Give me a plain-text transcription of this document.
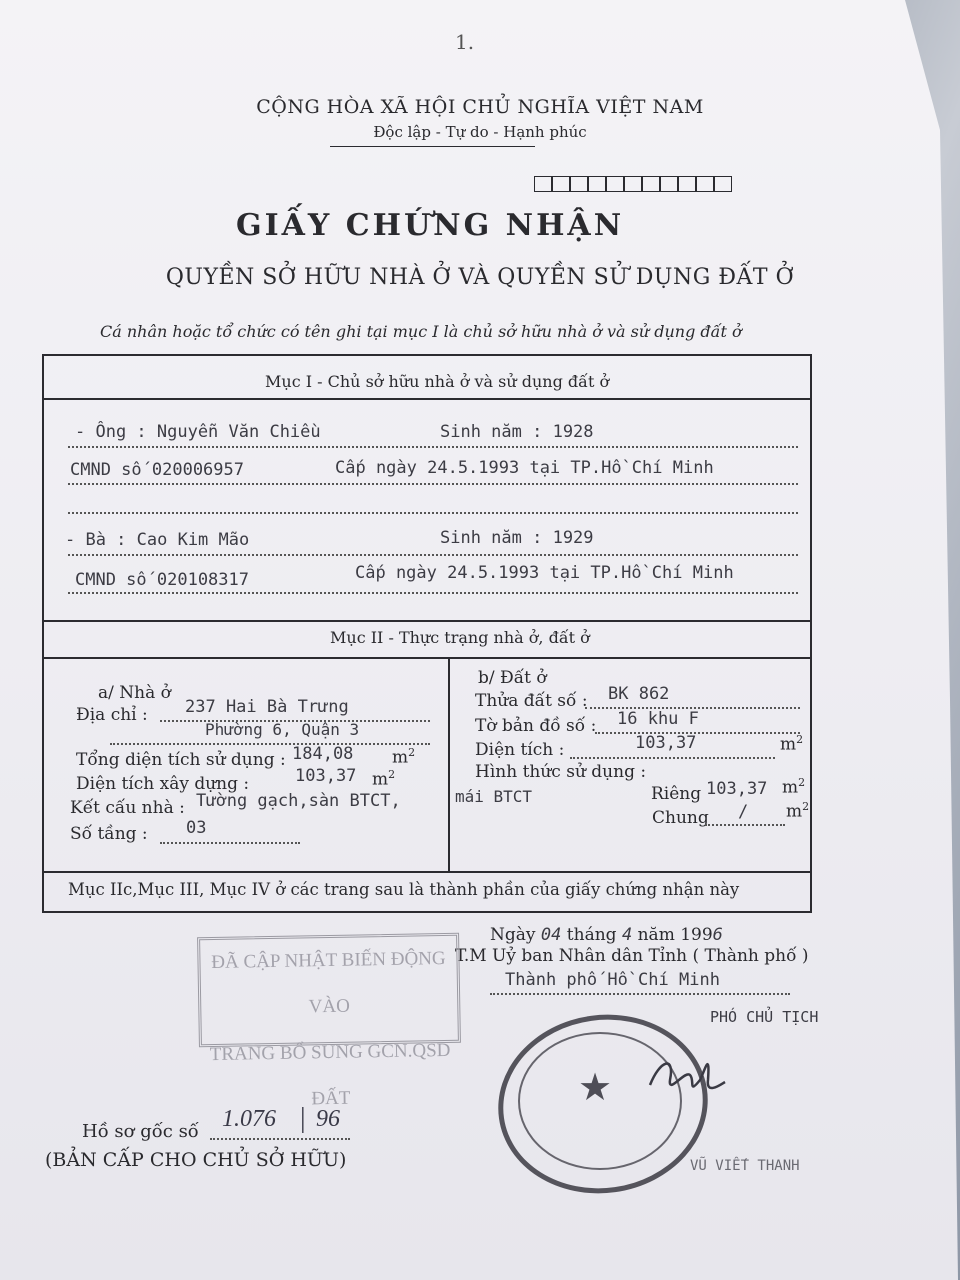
1.
CỘNG HÒA XÃ HỘI CHỦ NGHĨA VIỆT NAM
Độc lập - Tự do - Hạnh phúc
GIẤY CHỨNG NHẬN
QUYỀN SỞ HỮU NHÀ Ở VÀ QUYỀN SỬ DỤNG ĐẤT Ở
Cá nhân hoặc tổ chức có tên ghi tại mục I là chủ sở hữu nhà ở và sử dụng đất ở
Mục I - Chủ sở hữu nhà ở và sử dụng đất ở
- Ông : Nguyễn Văn Chiều	Sinh năm : 1928
CMND số 020006957	Cấp ngày 24.5.1993 tại TP.Hồ Chí Minh
- Bà : Cao Kim Mão	Sinh năm : 1929
CMND số 020108317	Cấp ngày 24.5.1993 tại TP.Hồ Chí Minh
Mục II - Thực trạng nhà ở, đất ở
a/ Nhà ở
Địa chỉ : 237 Hai Bà Trưng
Phường 6, Quận 3
Tổng diện tích sử dụng : 184,08 $m^2$
Diện tích xây dựng :	103,37 $m^2$
Kết cấu nhà : Tường gạch,sàn BTCT,	mái BTCT
Số tầng : 03
b/ Đất ở
Thửa đất số : BK 862
Tờ bản đồ số : 16 khu F
Diện tích :	103,37	$m^2$
Hình thức sử dụng :
Riêng 103,37 $m^2$
Chung / $m^2$
Mục IIc,Mục III, Mục IV ở các trang sau là thành phần của giấy chứng nhận này
Ngày 04 tháng 4 năm 1996
T.M Uỷ ban Nhân dân Tỉnh ( Thành phố )
Thành phố Hồ Chí Minh
PHÓ CHỦ TỊCH
ĐÃ CẬP NHẬT BIẾN ĐỘNG VÀO
TRANG BỔ SUNG GCN.QSD ĐẤT	★
VŨ VIẾT THANH
Hồ sơ gốc số 1.076 | 96
(BẢN CẤP CHO CHỦ SỞ HỮU)
